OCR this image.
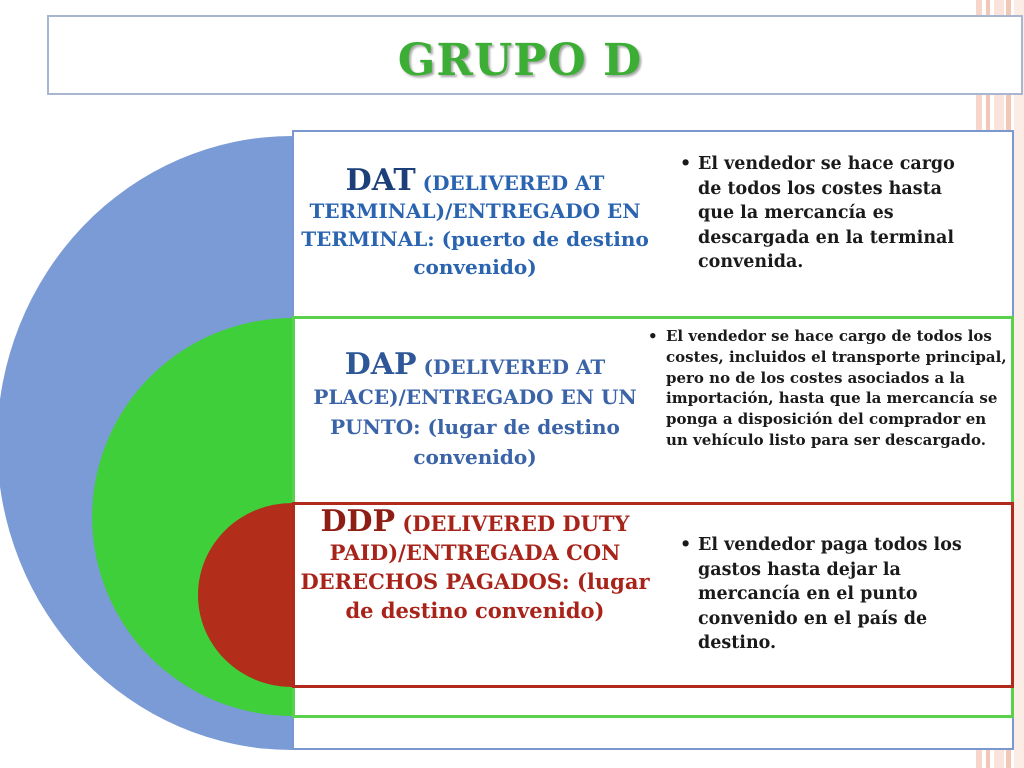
GRUPO D
DAT (DELIVERED AT TERMINAL)/ENTREGADO EN TERMINAL: (puerto de destino convenido)
• El vendedor se hace cargo de todos los costes hasta que la mercancía es descargada en la terminal convenida.
DAP (DELIVERED AT PLACE)/ENTREGADO EN UN PUNTO: (lugar de destino convenido)
• El vendedor se hace cargo de todos los costes, incluidos el transporte principal, pero no de los costes asociados a la importación, hasta que la mercancía se ponga a disposición del comprador en un vehículo listo para ser descargado.
DDP (DELIVERED DUTY PAID)/ENTREGADA CON DERECHOS PAGADOS: (lugar de destino convenido)
• El vendedor paga todos los gastos hasta dejar la mercancía en el punto convenido en el país de destino.
